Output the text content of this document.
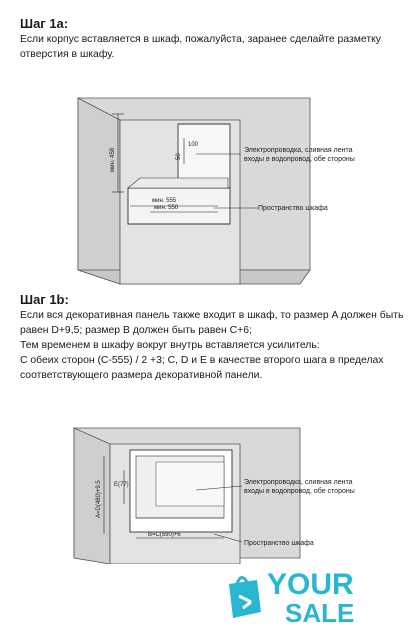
Шаг 1a:

Если корпус вставляется в шкаф, пожалуйста, заранее сделайте разметку
отверстия в шкафу.

мин. 458
мин. 550
мин. 555
50
100
Электропроводка, сливная лента
входы в водопровод, обе стороны
Пространство шкафа
Шаг 1b:

Если вся декоративная панель также входит в шкаф, то размер A должен быть
равен D+9,5; размер B должен быть равен C+6;
Тем временем в шкафу вокруг внутрь вставляется усилитель:
С обеих сторон (C-555) / 2 +3; C, D и E в качестве второго шага в пределах
соответствующего размера декоративной панели.

A=D(480)+9.5 E(77)
B=C(590)+6
Электропроводка, сливная лента
входы в водопровод, обе стороны
Пространство шкафа
YOUR
SALE
